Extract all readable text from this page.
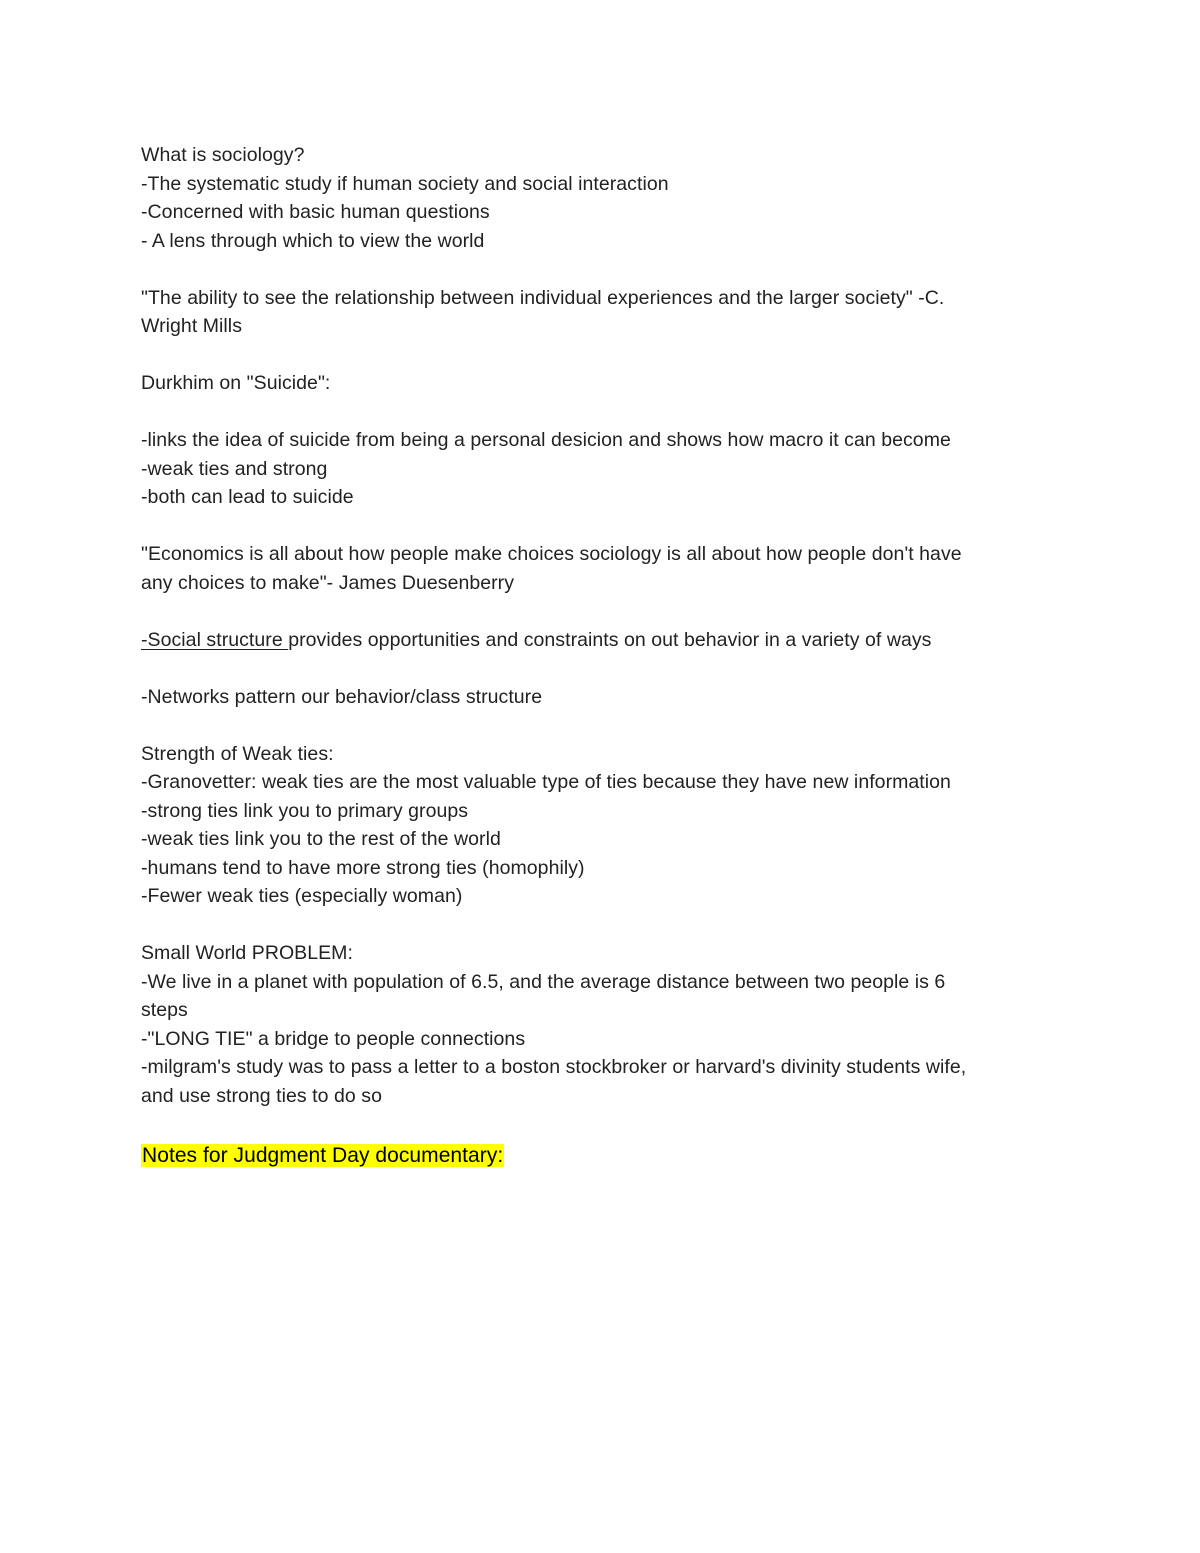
What is sociology?
-The systematic study if human society and social interaction
-Concerned with basic human questions
- A lens through which to view the world
"The ability to see the relationship between individual experiences and the larger society" -C.
Wright Mills
Durkhim on "Suicide":
-links the idea of suicide from being a personal desicion and shows how macro it can become
-weak ties and strong
-both can lead to suicide
"Economics is all about how people make choices sociology is all about how people don't have
any choices to make"- James Duesenberry
-Social structure provides opportunities and constraints on out behavior in a variety of ways
-Networks pattern our behavior/class structure
Strength of Weak ties:
-Granovetter: weak ties are the most valuable type of ties because they have new information
-strong ties link you to primary groups
-weak ties link you to the rest of the world
-humans tend to have more strong ties (homophily)
-Fewer weak ties (especially woman)
Small World PROBLEM:
-We live in a planet with population of 6.5, and the average distance between two people is 6
steps
-"LONG TIE" a bridge to people connections
-milgram's study was to pass a letter to a boston stockbroker or harvard's divinity students wife,
and use strong ties to do so
Notes for Judgment Day documentary:
